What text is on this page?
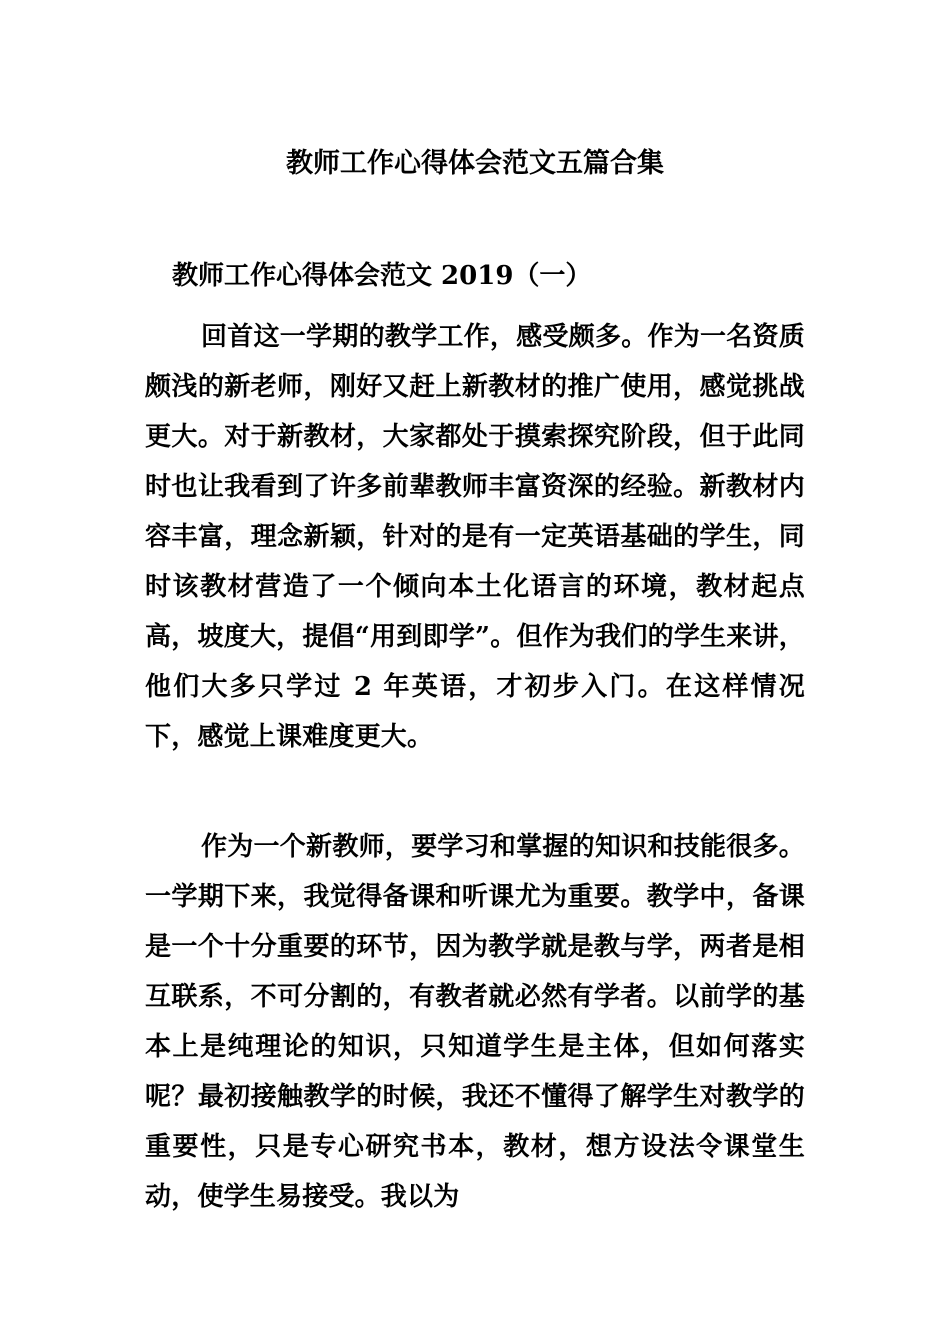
教师工作心得体会范文五篇合集
教师工作心得体会范文 2019（一）

回首这一学期的教学工作，感受颇多。作为一名资质颇浅的新老师，刚好又赶上新教材的推广使用，感觉挑战更大。对于新教材，大家都处于摸索探究阶段，但于此同时也让我看到了许多前辈教师丰富资深的经验。新教材内容丰富，理念新颖，针对的是有一定英语基础的学生，同时该教材营造了一个倾向本土化语言的环境，教材起点高，坡度大，提倡“用到即学”。但作为我们的学生来讲，他们大多只学过 2 年英语，才初步入门。在这样情况下，感觉上课难度更大。

作为一个新教师，要学习和掌握的知识和技能很多。一学期下来，我觉得备课和听课尤为重要。教学中，备课是一个十分重要的环节，因为教学就是教与学，两者是相互联系，不可分割的，有教者就必然有学者。以前学的基本上是纯理论的知识，只知道学生是主体，但如何落实呢？最初接触教学的时候，我还不懂得了解学生对教学的重要性，只是专心研究书本，教材，想方设法令课堂生动，使学生易接受。我以为
